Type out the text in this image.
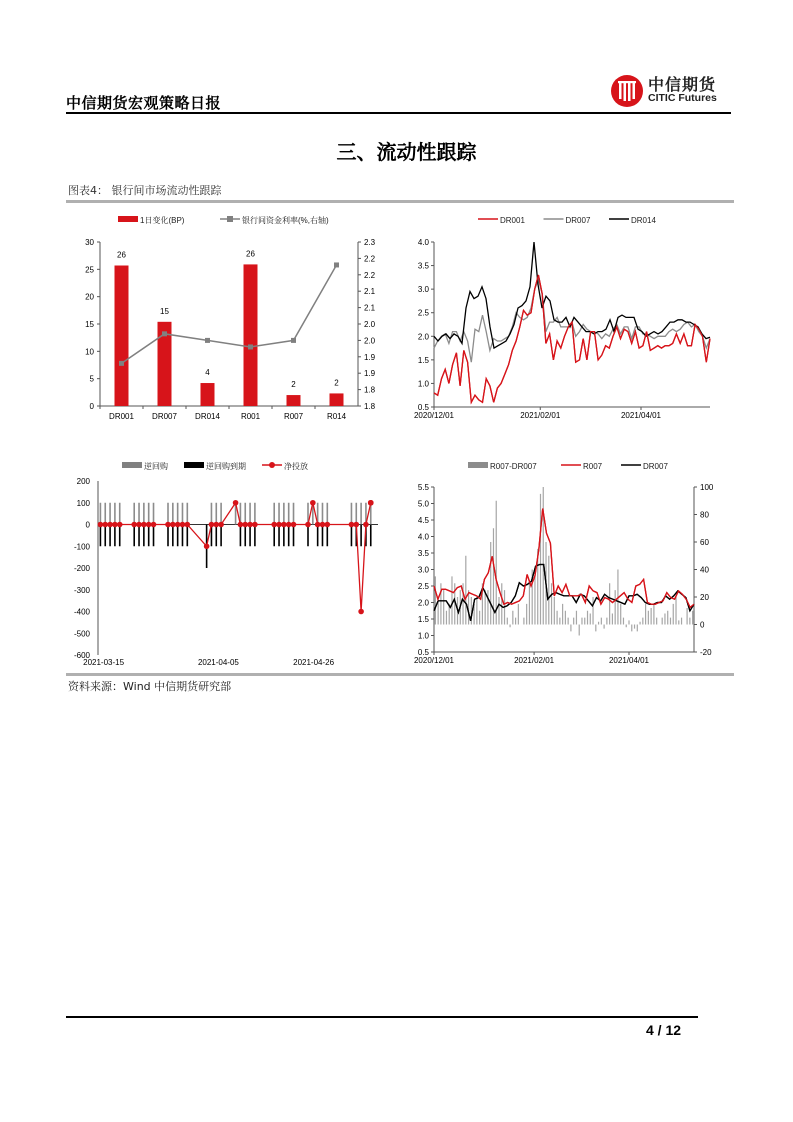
中信期货宏观策略日报
中信期货
CITIC Futures
三、流动性跟踪
图表4： 银行间市场流动性跟踪
1日变化(BP)	银行间资金利率(%,右轴)
0
5
10
15
20
25
30
1.8
1.8
1.9
1.9
2.0
2.0
2.1
2.1
2.2
2.2
2.3
26
DR001
15
DR007
4
DR014
26
R001
2
R007
2
R014
DR001	DR007	DR014
0.5
1.0
1.5
2.0
2.5
3.0
3.5
4.0
2020/12/01	2021/02/01	2021/04/01
逆回购	逆回购到期	净投放
-600
-500
-400
-300
-200
-100
0
100
200
2021-03-15	2021-04-05	2021-04-26
R007-DR007	R007	DR007
0.5
1.0
1.5
2.0
2.5
3.0
3.5
4.0
4.5
5.0
5.5
2020/12/01	2021/02/01	2021/04/01
-20
0
20
40
60
80
100
资料来源：Wind 中信期货研究部
4 / 12
